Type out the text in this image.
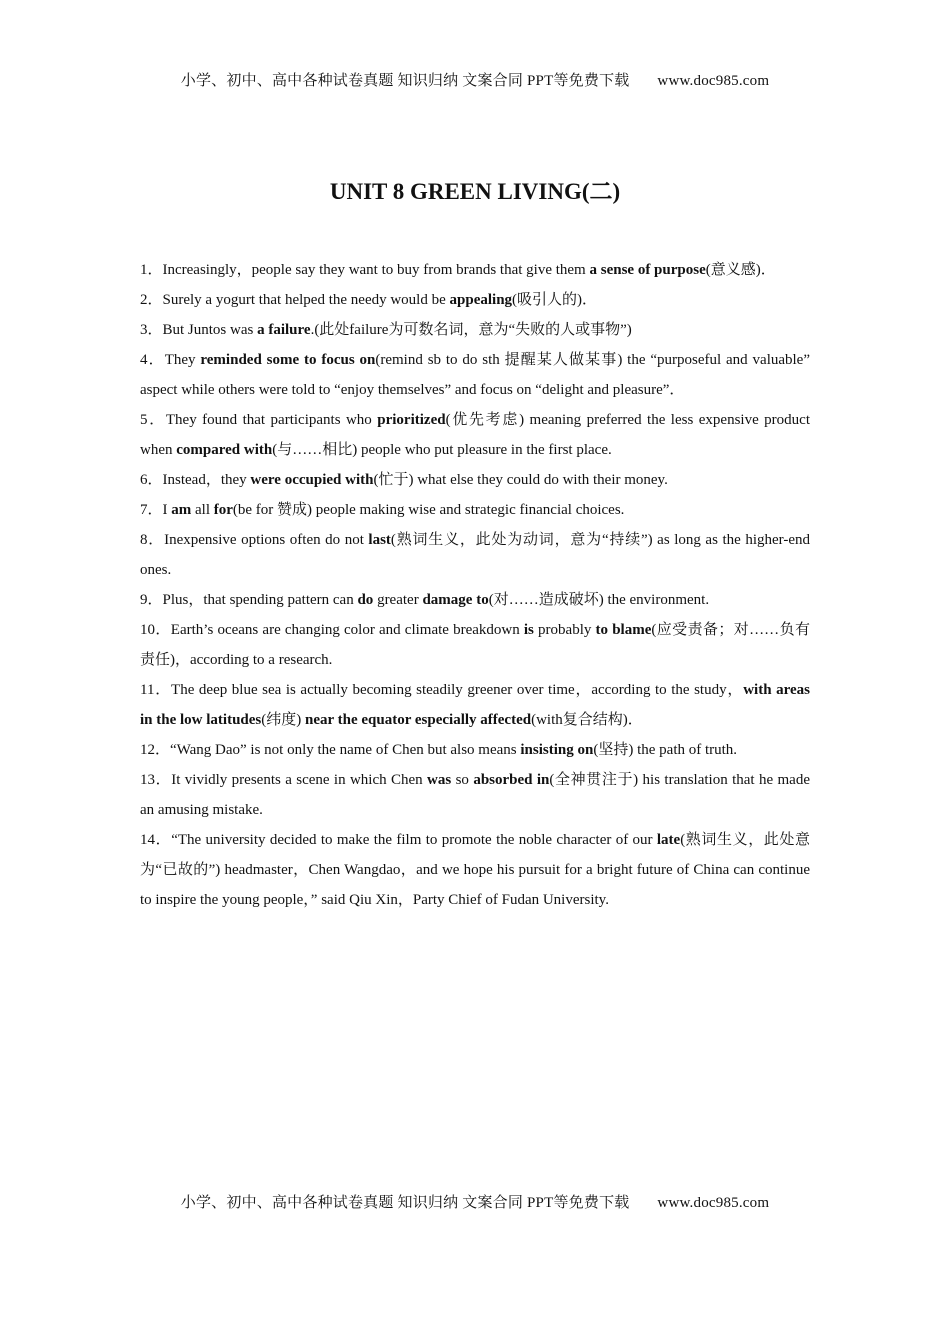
小学、初中、高中各种试卷真题 知识归纳 文案合同 PPT等免费下载 www.doc985.com
UNIT 8 GREEN LIVING(二)

1．Increasingly，people say they want to buy from brands that give them a sense of purpose(意义感)．

2．Surely a yogurt that helped the needy would be appealing(吸引人的)．

3．But Juntos was a failure.(此处failure为可数名词，意为“失败的人或事物”)

4．They reminded some to focus on(remind sb to do sth 提醒某人做某事) the “purposeful and valuable” aspect while others were told to “enjoy themselves” and focus on “delight and pleasure”．

5．They found that participants who prioritized(优先考虑) meaning preferred the less expensive product when compared with(与……相比) people who put pleasure in the first place.

6．Instead，they were occupied with(忙于) what else they could do with their money.

7．I am all for(be for 赞成) people making wise and strategic financial choices.

8．Inexpensive options often do not last(熟词生义，此处为动词，意为“持续”) as long as the higher-end ones.

9．Plus，that spending pattern can do greater damage to(对……造成破坏) the environment.

10．Earth’s oceans are changing color and climate breakdown is probably to blame(应受责备；对……负有责任)，according to a research.

11．The deep blue sea is actually becoming steadily greener over time，according to the study，with areas in the low latitudes(纬度) near the equator especially affected(with复合结构)．

12．“Wang Dao” is not only the name of Chen but also means insisting on(坚持) the path of truth.

13．It vividly presents a scene in which Chen was so absorbed in(全神贯注于) his translation that he made an amusing mistake.

14．“The university decided to make the film to promote the noble character of our late(熟词生义，此处意为“已故的”) headmaster，Chen Wangdao，and we hope his pursuit for a bright future of China can continue to inspire the young people，” said Qiu Xin，Party Chief of Fudan University.

小学、初中、高中各种试卷真题 知识归纳 文案合同 PPT等免费下载 www.doc985.com
